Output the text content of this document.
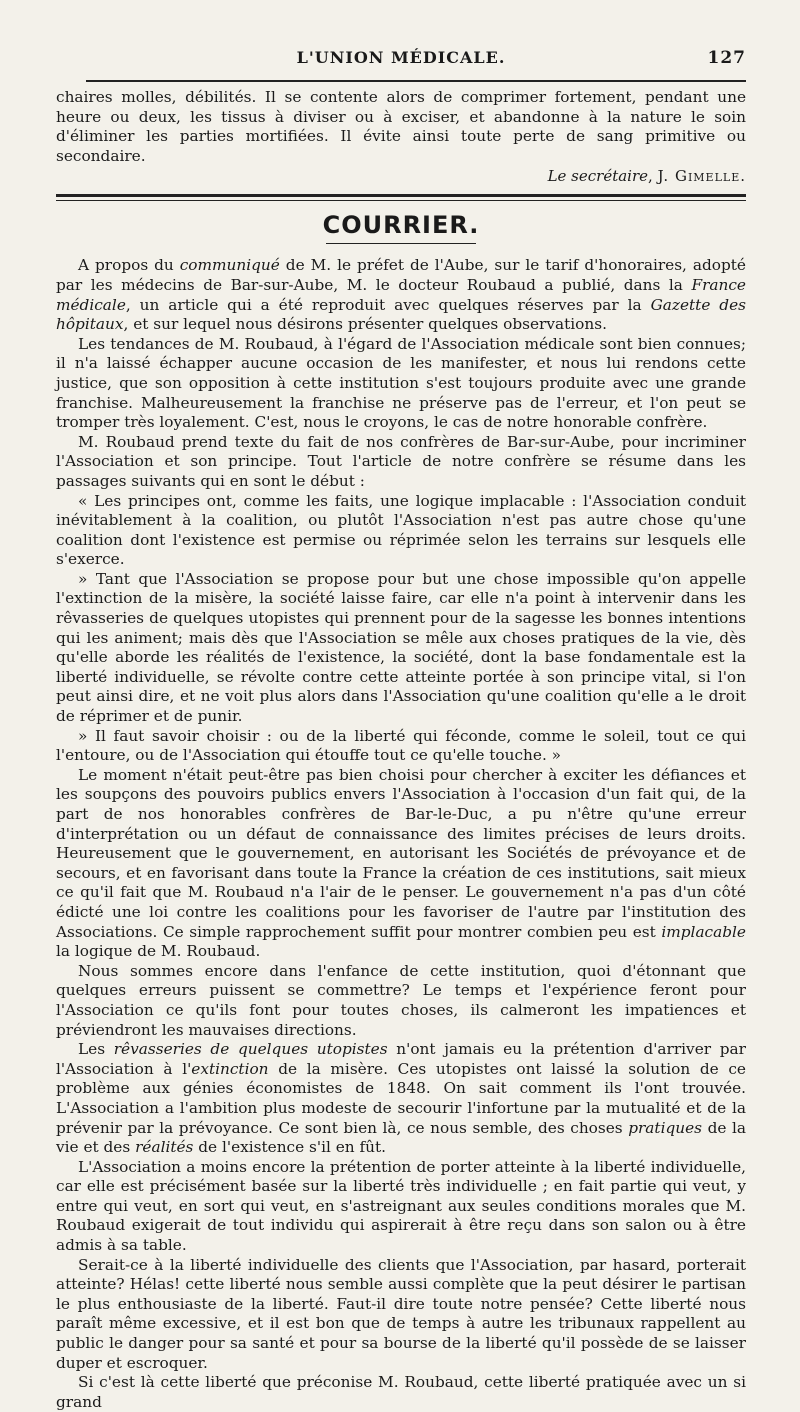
L'UNION MÉDICALE.	127

chaires molles, débilités. Il se contente alors de comprimer fortement, pendant une heure ou deux, les tissus à diviser ou à exciser, et abandonne à la nature le soin d'éliminer les parties mortifiées. Il évite ainsi toute perte de sang primitive ou secondaire.

Le secrétaire, J. Gimelle.
COURRIER.

A propos du communiqué de M. le préfet de l'Aube, sur le tarif d'honoraires, adopté par les médecins de Bar-sur-Aube, M. le docteur Roubaud a publié, dans la France médicale, un article qui a été reproduit avec quelques réserves par la Gazette des hôpitaux, et sur lequel nous désirons présenter quelques observations.

Les tendances de M. Roubaud, à l'égard de l'Association médicale sont bien connues; il n'a laissé échapper aucune occasion de les manifester, et nous lui rendons cette justice, que son opposition à cette institution s'est toujours produite avec une grande franchise. Malheureusement la franchise ne préserve pas de l'erreur, et l'on peut se tromper très loyalement. C'est, nous le croyons, le cas de notre honorable confrère.

M. Roubaud prend texte du fait de nos confrères de Bar-sur-Aube, pour incriminer l'Association et son principe. Tout l'article de notre confrère se résume dans les passages suivants qui en sont le début :

« Les principes ont, comme les faits, une logique implacable : l'Association conduit inévitablement à la coalition, ou plutôt l'Association n'est pas autre chose qu'une coalition dont l'existence est permise ou réprimée selon les terrains sur lesquels elle s'exerce.

» Tant que l'Association se propose pour but une chose impossible qu'on appelle l'extinction de la misère, la société laisse faire, car elle n'a point à intervenir dans les rêvasseries de quelques utopistes qui prennent pour de la sagesse les bonnes intentions qui les animent; mais dès que l'Association se mêle aux choses pratiques de la vie, dès qu'elle aborde les réalités de l'existence, la société, dont la base fondamentale est la liberté individuelle, se révolte contre cette atteinte portée à son principe vital, si l'on peut ainsi dire, et ne voit plus alors dans l'Association qu'une coalition qu'elle a le droit de réprimer et de punir.

» Il faut savoir choisir : ou de la liberté qui féconde, comme le soleil, tout ce qui l'entoure, ou de l'Association qui étouffe tout ce qu'elle touche. »

Le moment n'était peut-être pas bien choisi pour chercher à exciter les défiances et les soupçons des pouvoirs publics envers l'Association à l'occasion d'un fait qui, de la part de nos honorables confrères de Bar-le-Duc, a pu n'être qu'une erreur d'interprétation ou un défaut de connaissance des limites précises de leurs droits. Heureusement que le gouvernement, en autorisant les Sociétés de prévoyance et de secours, et en favorisant dans toute la France la création de ces institutions, sait mieux ce qu'il fait que M. Roubaud n'a l'air de le penser. Le gouvernement n'a pas d'un côté édicté une loi contre les coalitions pour les favoriser de l'autre par l'institution des Associations. Ce simple rapprochement suffit pour montrer combien peu est implacable la logique de M. Roubaud.

Nous sommes encore dans l'enfance de cette institution, quoi d'étonnant que quelques erreurs puissent se commettre? Le temps et l'expérience feront pour l'Association ce qu'ils font pour toutes choses, ils calmeront les impatiences et préviendront les mauvaises directions.

Les rêvasseries de quelques utopistes n'ont jamais eu la prétention d'arriver par l'Association à l'extinction de la misère. Ces utopistes ont laissé la solution de ce problème aux génies économistes de 1848. On sait comment ils l'ont trouvée. L'Association a l'ambition plus modeste de secourir l'infortune par la mutualité et de la prévenir par la prévoyance. Ce sont bien là, ce nous semble, des choses pratiques de la vie et des réalités de l'existence s'il en fût.

L'Association a moins encore la prétention de porter atteinte à la liberté individuelle, car elle est précisément basée sur la liberté très individuelle ; en fait partie qui veut, y entre qui veut, en sort qui veut, en s'astreignant aux seules conditions morales que M. Roubaud exigerait de tout individu qui aspirerait à être reçu dans son salon ou à être admis à sa table.

Serait-ce à la liberté individuelle des clients que l'Association, par hasard, porterait atteinte? Hélas! cette liberté nous semble aussi complète que la peut désirer le partisan le plus enthousiaste de la liberté. Faut-il dire toute notre pensée? Cette liberté nous paraît même excessive, et il est bon que de temps à autre les tribunaux rappellent au public le danger pour sa santé et pour sa bourse de la liberté qu'il possède de se laisser duper et escroquer.

Si c'est là cette liberté que préconise M. Roubaud, cette liberté pratiquée avec un si grand
